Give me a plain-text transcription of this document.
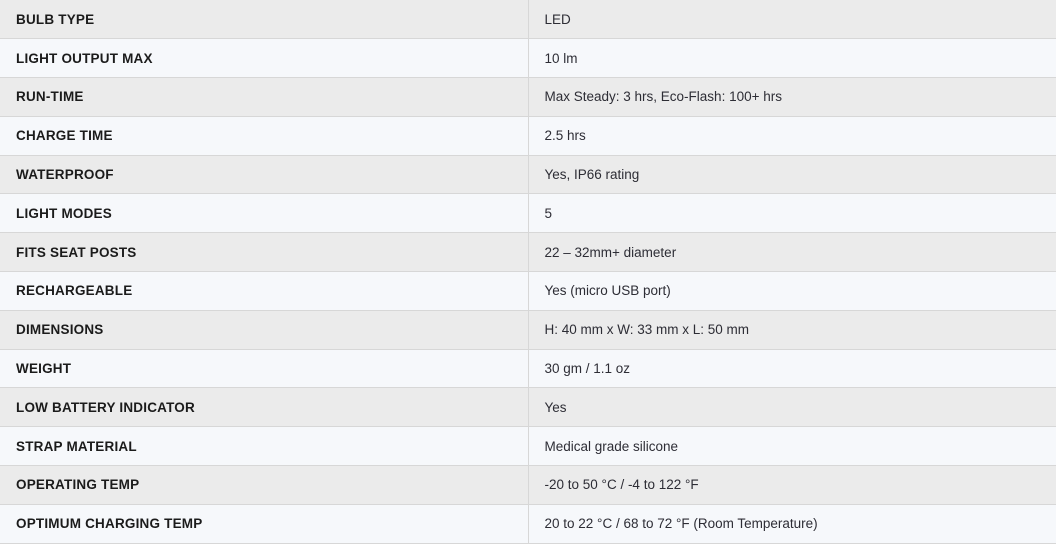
BULB TYPE	LED
LIGHT OUTPUT MAX	10 lm
RUN-TIME	Max Steady: 3 hrs, Eco-Flash: 100+ hrs
CHARGE TIME	2.5 hrs
WATERPROOF	Yes, IP66 rating
LIGHT MODES	5
FITS SEAT POSTS	22 – 32mm+ diameter
RECHARGEABLE	Yes (micro USB port)
DIMENSIONS	H: 40 mm x W: 33 mm x L: 50 mm
WEIGHT	30 gm / 1.1 oz
LOW BATTERY INDICATOR	Yes
STRAP MATERIAL	Medical grade silicone
OPERATING TEMP	-20 to 50 °C / -4 to 122 °F
OPTIMUM CHARGING TEMP	20 to 22 °C / 68 to 72 °F (Room Temperature)
